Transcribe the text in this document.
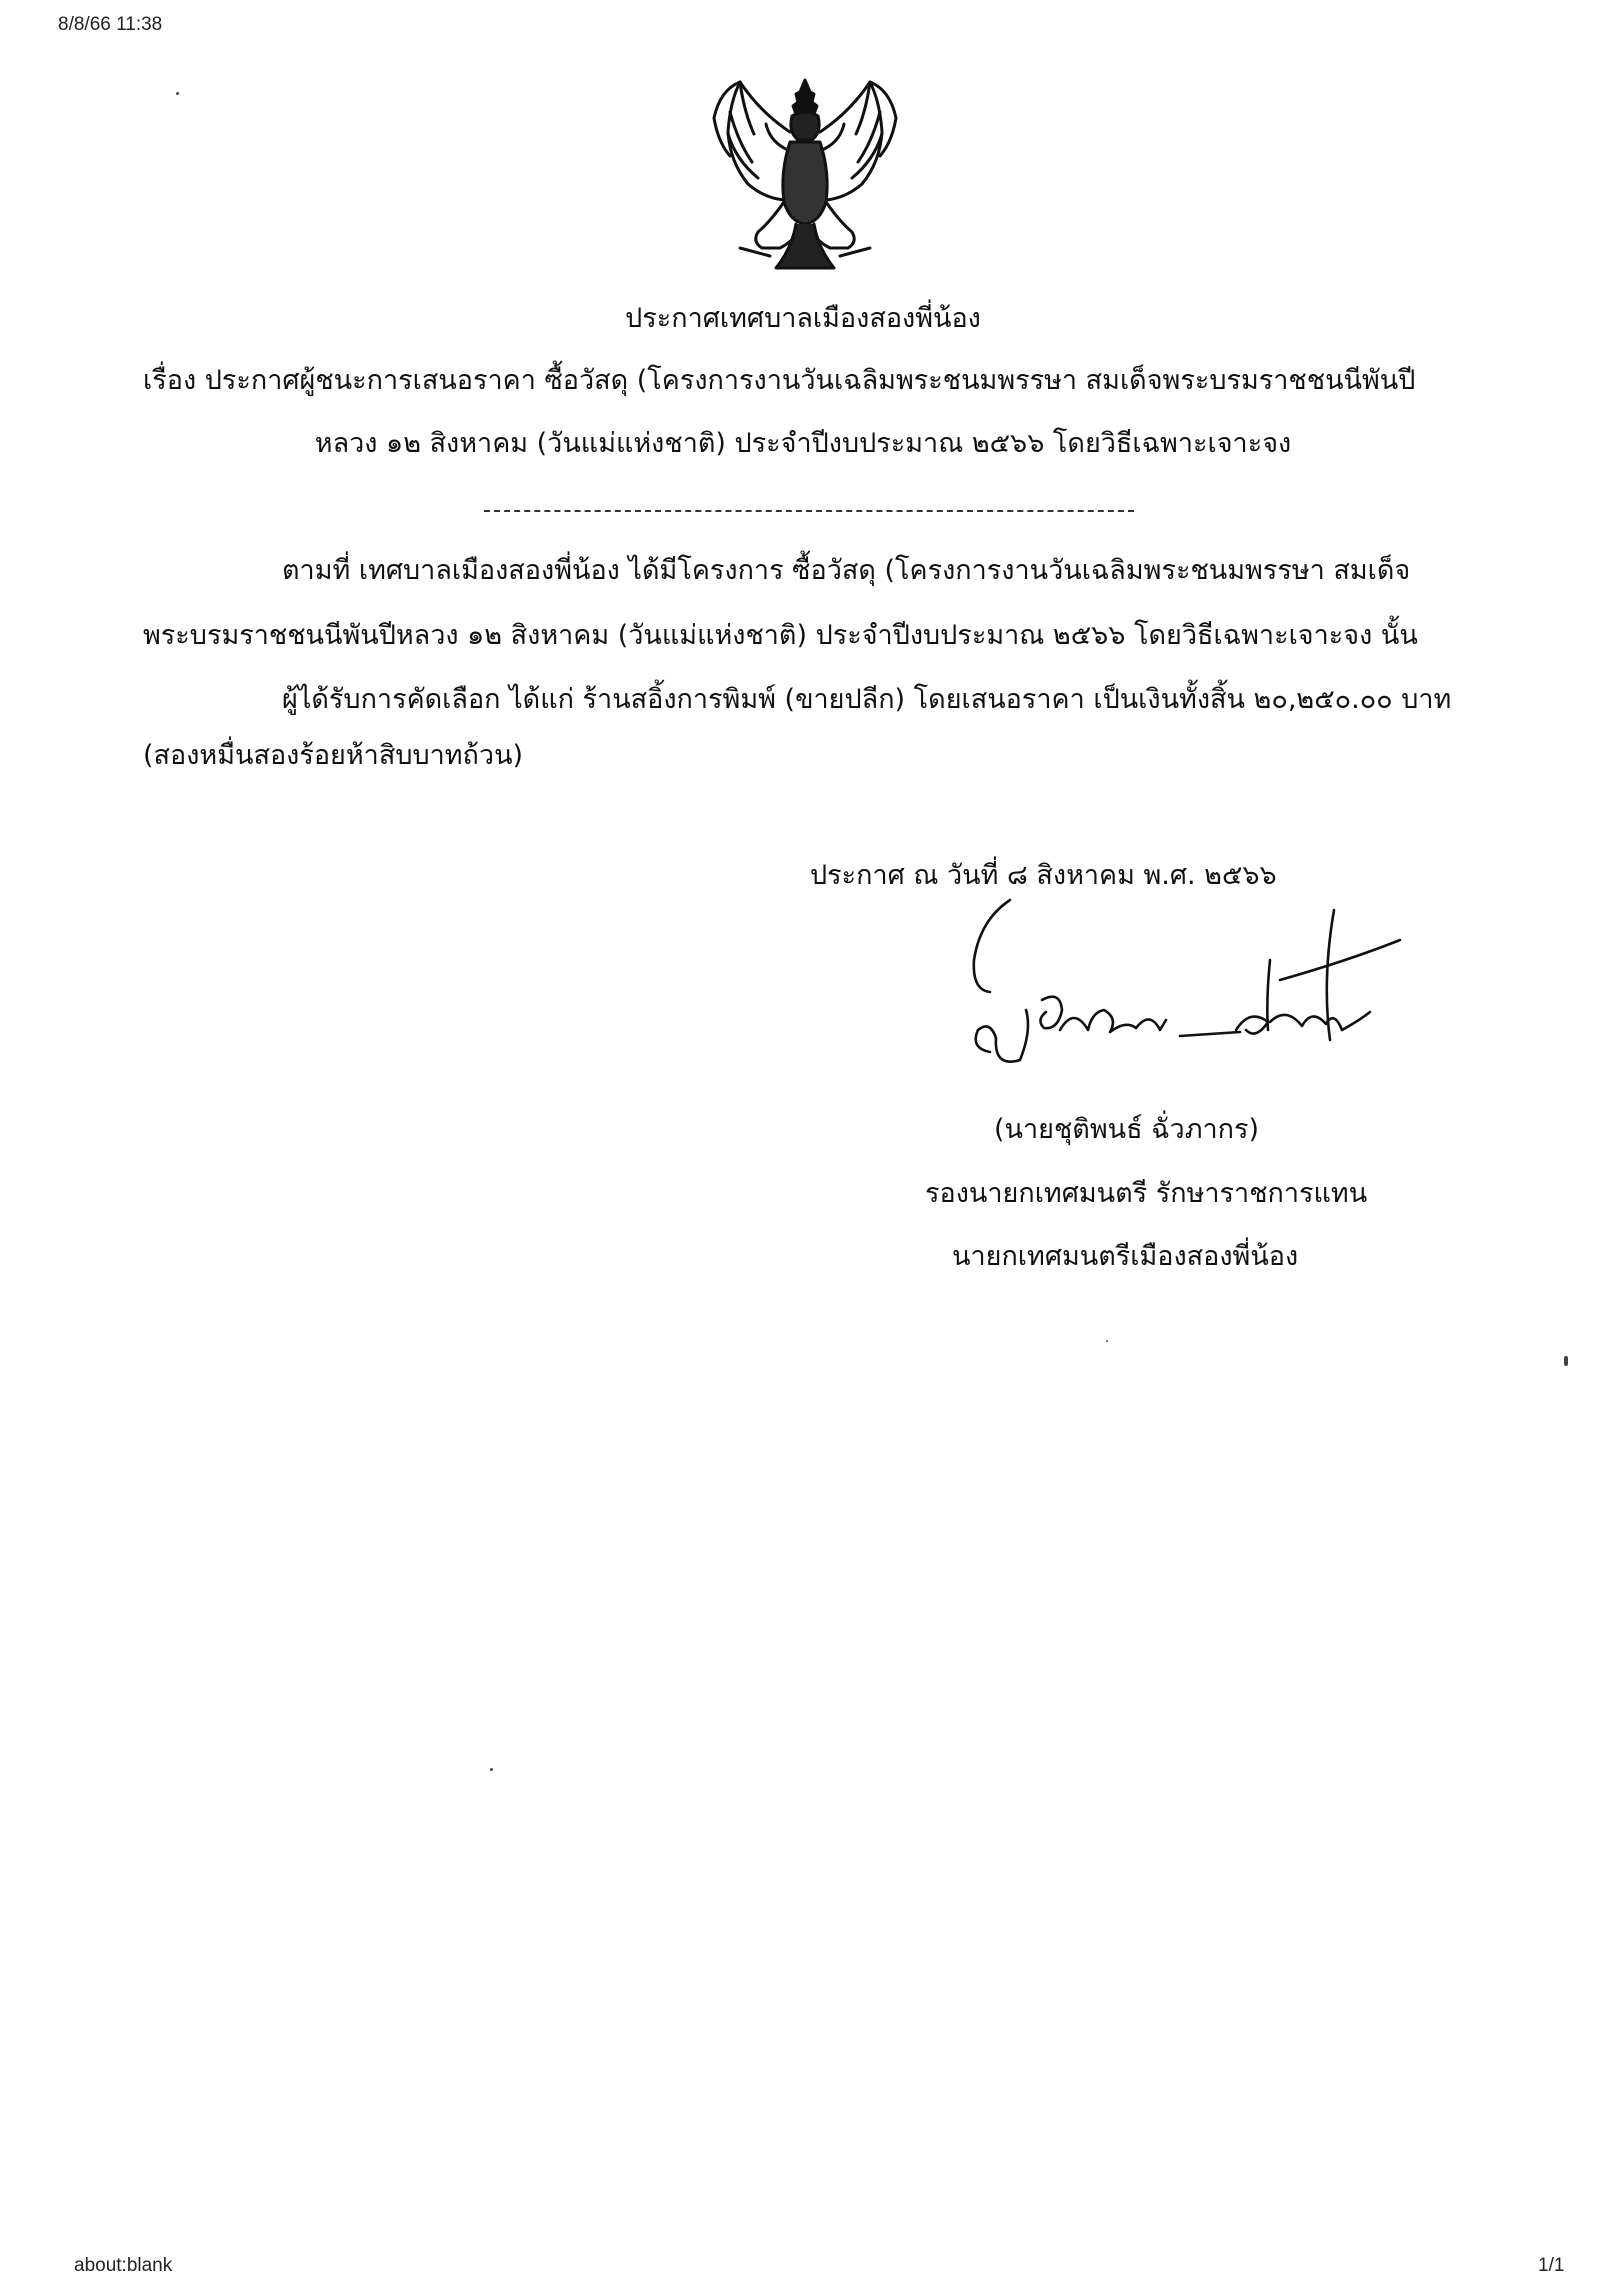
8/8/66 11:38
about:blank	1/1
ประกาศเทศบาลเมืองสองพี่น้อง
เรื่อง ประกาศผู้ชนะการเสนอราคา ซื้อวัสดุ (โครงการงานวันเฉลิมพระชนมพรรษา สมเด็จพระบรมราชชนนีพันปี
หลวง ๑๒ สิงหาคม (วันแม่แห่งชาติ) ประจำปีงบประมาณ ๒๕๖๖ โดยวิธีเฉพาะเจาะจง
ตามที่ เทศบาลเมืองสองพี่น้อง ได้มีโครงการ ซื้อวัสดุ (โครงการงานวันเฉลิมพระชนมพรรษา สมเด็จ
พระบรมราชชนนีพันปีหลวง ๑๒ สิงหาคม (วันแม่แห่งชาติ) ประจำปีงบประมาณ ๒๕๖๖ โดยวิธีเฉพาะเจาะจง นั้น
ผู้ได้รับการคัดเลือก ได้แก่ ร้านสอิ้งการพิมพ์ (ขายปลีก) โดยเสนอราคา เป็นเงินทั้งสิ้น ๒๐,๒๕๐.๐๐ บาท
(สองหมื่นสองร้อยห้าสิบบาทถ้วน)
ประกาศ ณ วันที่ ๘ สิงหาคม พ.ศ. ๒๕๖๖
(นายชุติพนธ์ ฉั่วภากร)
รองนายกเทศมนตรี รักษาราชการแทน
นายกเทศมนตรีเมืองสองพี่น้อง
